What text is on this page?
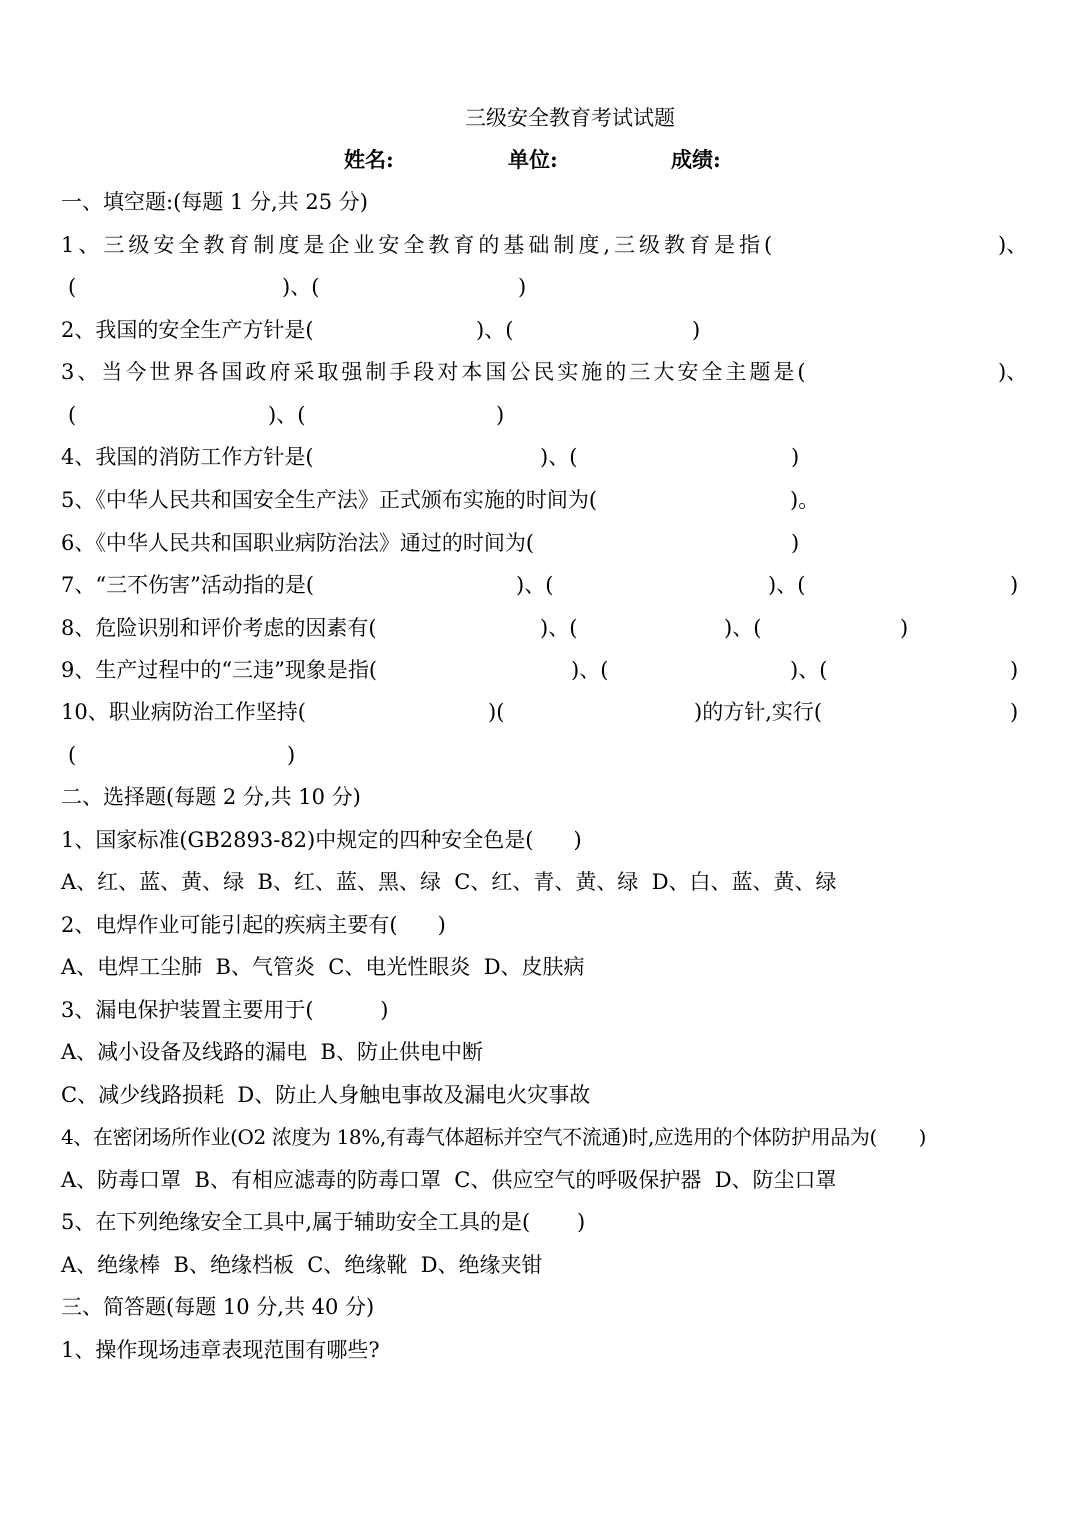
三级安全教育考试试题
姓名:	单位:	成绩:
一、填空题:(每题 1 分,共 25 分)
1、三级安全教育制度是企业安全教育的基础制度,三级教育是指(	)、
(	)、(	)
2、我国的安全生产方针是(	)、(	)
3、当今世界各国政府采取强制手段对本国公民实施的三大安全主题是(	)、
(	)、(	)
4、我国的消防工作方针是(	)、(	)
5、《中华人民共和国安全生产法》正式颁布实施的时间为(	)。
6、《中华人民共和国职业病防治法》通过的时间为(	)
7、“三不伤害”活动指的是(	)、(	)、(	)
8、危险识别和评价考虑的因素有(	)、(	)、(	)
9、生产过程中的“三违”现象是指(	)、(	)、(	)
10、职业病防治工作坚持(	)(	)的方针,实行(	)
(	)
二、选择题(每题 2 分,共 10 分)
1、国家标准(GB2893-82)中规定的四种安全色是(      )
A、红、蓝、黄、绿  B、红、蓝、黑、绿  C、红、青、黄、绿  D、白、蓝、黄、绿
2、电焊作业可能引起的疾病主要有(      )
A、电焊工尘肺  B、气管炎  C、电光性眼炎  D、皮肤病
3、漏电保护装置主要用于(          )
A、减小设备及线路的漏电  B、防止供电中断
C、减少线路损耗  D、防止人身触电事故及漏电火灾事故
4、在密闭场所作业(O2 浓度为 18%,有毒气体超标并空气不流通)时,应选用的个体防护用品为(       )
A、防毒口罩  B、有相应滤毒的防毒口罩  C、供应空气的呼吸保护器  D、防尘口罩
5、在下列绝缘安全工具中,属于辅助安全工具的是(       )
A、绝缘棒  B、绝缘档板  C、绝缘靴  D、绝缘夹钳
三、简答题(每题 10 分,共 40 分)
1、操作现场违章表现范围有哪些?
